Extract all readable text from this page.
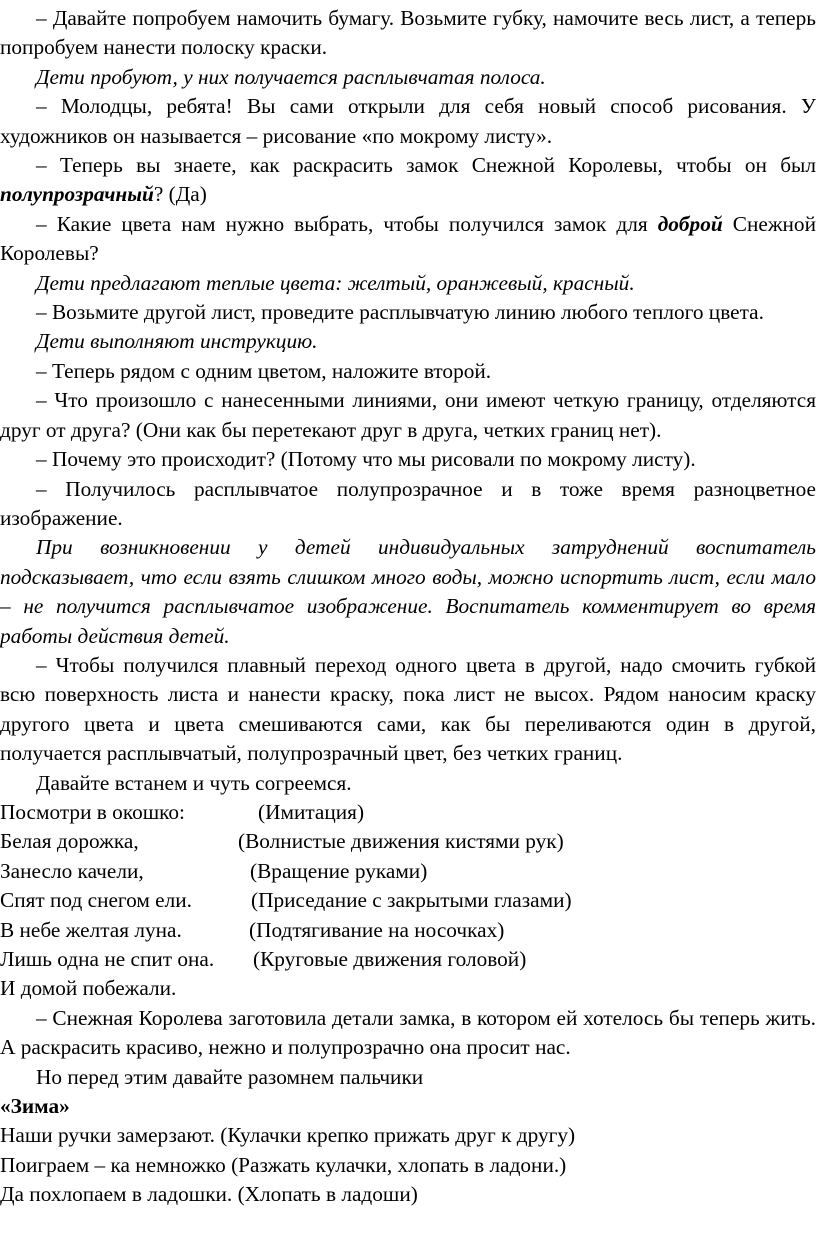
– Давайте попробуем намочить бумагу. Возьмите губку, намочите весь лист, а теперь попробуем нанести полоску краски.

Дети пробуют, у них получается расплывчатая полоса.

– Молодцы, ребята! Вы сами открыли для себя новый способ рисования. У художников он называется – рисование «по мокрому листу».

– Теперь вы знаете, как раскрасить замок Снежной Королевы, чтобы он был полупрозрачный? (Да)

– Какие цвета нам нужно выбрать, чтобы получился замок для доброй Снежной Королевы?

Дети предлагают теплые цвета: желтый, оранжевый, красный.

– Возьмите другой лист, проведите расплывчатую линию любого теплого цвета.

Дети выполняют инструкцию.

– Теперь рядом с одним цветом, наложите второй.

– Что произошло с нанесенными линиями, они имеют четкую границу, отделяются друг от друга? (Они как бы перетекают друг в друга, четких границ нет).

– Почему это происходит? (Потому что мы рисовали по мокрому листу).

– Получилось расплывчатое полупрозрачное и в тоже время разноцветное изображение.

При возникновении у детей индивидуальных затруднений воспитатель подсказывает, что если взять слишком много воды, можно испортить лист, если мало – не получится расплывчатое изображение. Воспитатель комментирует во время работы действия детей.

– Чтобы получился плавный переход одного цвета в другой, надо смочить губкой всю поверхность листа и нанести краску, пока лист не высох. Рядом наносим краску другого цвета и цвета смешиваются сами, как бы переливаются один в другой, получается расплывчатый, полупрозрачный цвет, без четких границ.

Давайте встанем и чуть согреемся.

Посмотри в окошко:	(Имитация)

Белая дорожка,	(Волнистые движения кистями рук)

Занесло качели,	(Вращение руками)

Спят под снегом ели.	(Приседание с закрытыми глазами)

В небе желтая луна.	(Подтягивание на носочках)

Лишь одна не спит она. (Круговые движения головой)

И домой побежали.

– Снежная Королева заготовила детали замка, в котором ей хотелось бы теперь жить. А раскрасить красиво, нежно и полупрозрачно она просит нас.

Но перед этим давайте разомнем пальчики

«Зима»

Наши ручки замерзают. (Кулачки крепко прижать друг к другу)

Поиграем – ка немножко (Разжать кулачки, хлопать в ладони.)

Да похлопаем в ладошки. (Хлопать в ладоши)
